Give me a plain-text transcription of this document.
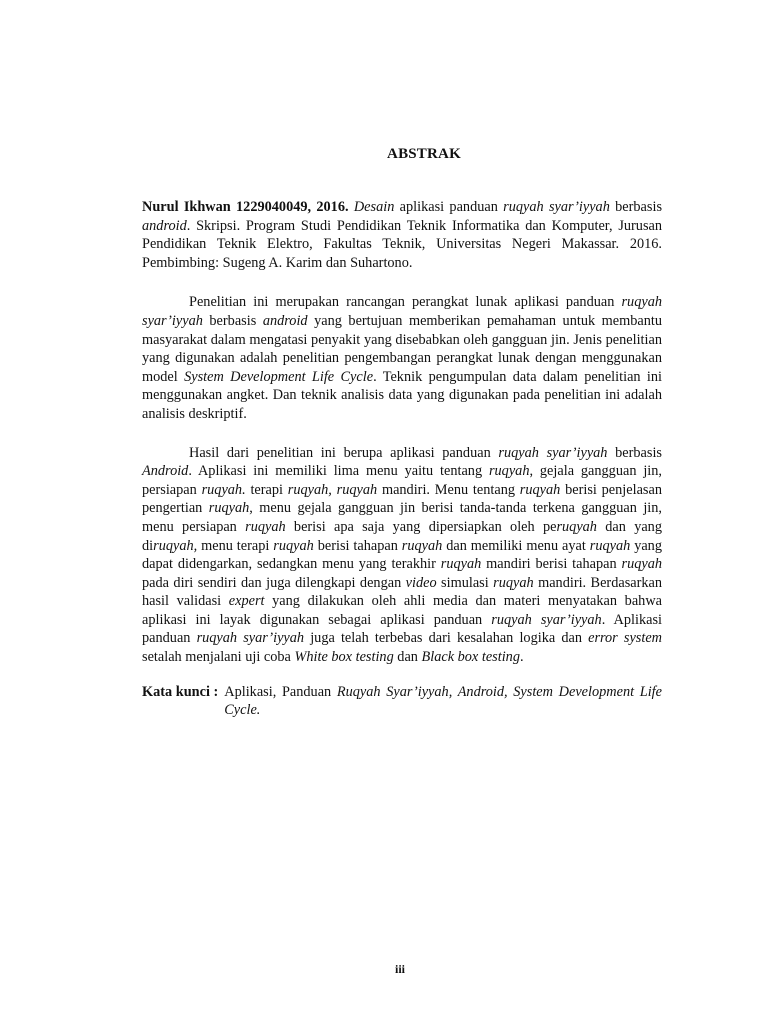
ABSTRAK

Nurul Ikhwan 1229040049, 2016. Desain aplikasi panduan ruqyah syar’iyyah berbasis android. Skripsi. Program Studi Pendidikan Teknik Informatika dan Komputer, Jurusan Pendidikan Teknik Elektro, Fakultas Teknik, Universitas Negeri Makassar. 2016. Pembimbing: Sugeng A. Karim dan Suhartono.

Penelitian ini merupakan rancangan perangkat lunak aplikasi panduan ruqyah syar’iyyah berbasis android yang bertujuan memberikan pemahaman untuk membantu masyarakat dalam mengatasi penyakit yang disebabkan oleh gangguan jin. Jenis penelitian yang digunakan adalah penelitian pengembangan perangkat lunak dengan menggunakan model System Development Life Cycle. Teknik pengumpulan data dalam penelitian ini menggunakan angket. Dan teknik analisis data yang digunakan pada penelitian ini adalah analisis deskriptif.

Hasil dari penelitian ini berupa aplikasi panduan ruqyah syar’iyyah berbasis Android. Aplikasi ini memiliki lima menu yaitu tentang ruqyah, gejala gangguan jin, persiapan ruqyah. terapi ruqyah, ruqyah mandiri. Menu tentang ruqyah berisi penjelasan pengertian ruqyah, menu gejala gangguan jin berisi tanda-tanda terkena gangguan jin, menu persiapan ruqyah berisi apa saja yang dipersiapkan oleh peruqyah dan yang diruqyah, menu terapi ruqyah berisi tahapan ruqyah dan memiliki menu ayat ruqyah yang dapat didengarkan, sedangkan menu yang terakhir ruqyah mandiri berisi tahapan ruqyah pada diri sendiri dan juga dilengkapi dengan video simulasi ruqyah mandiri. Berdasarkan hasil validasi expert yang dilakukan oleh ahli media dan materi menyatakan bahwa aplikasi ini layak digunakan sebagai aplikasi panduan ruqyah syar’iyyah. Aplikasi panduan ruqyah syar’iyyah juga telah terbebas dari kesalahan logika dan error system setalah menjalani uji coba White box testing dan Black box testing.

Kata kunci : Aplikasi, Panduan Ruqyah Syar’iyyah, Android, System Development Life Cycle.
iii
